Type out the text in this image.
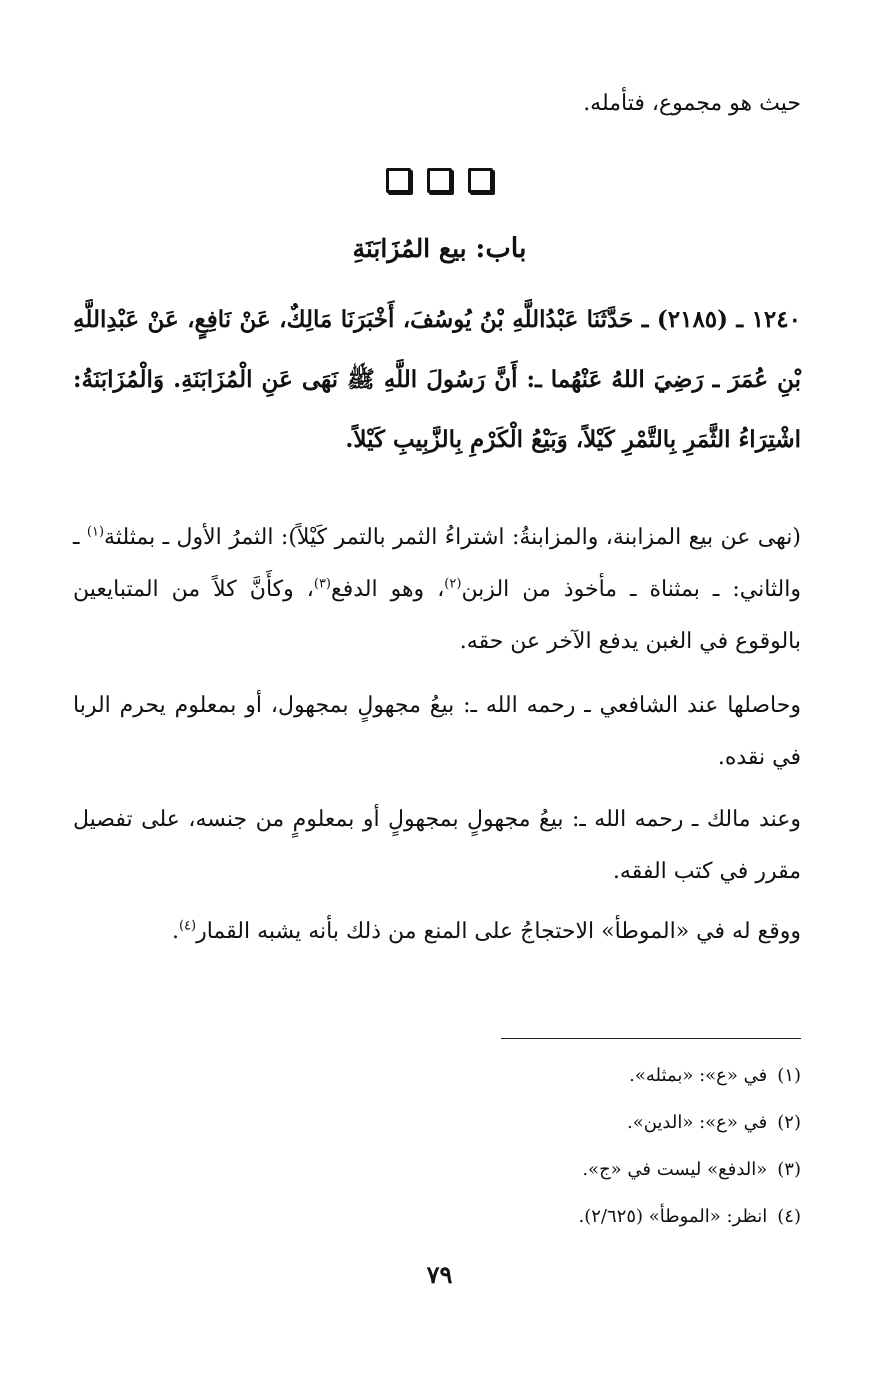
حيث هو مجموع، فتأمله.

باب: بيع المُزَابَنَةِ

١٢٤٠ ـ (٢١٨٥) ـ حَدَّثَنَا عَبْدُاللَّهِ بْنُ يُوسُفَ، أَخْبَرَنَا مَالِكٌ، عَنْ نَافِعٍ، عَنْ عَبْدِاللَّهِ بْنِ عُمَرَ ـ رَضِيَ اللهُ عَنْهُما ـ: أَنَّ رَسُولَ اللَّهِ ﷺ نَهَى عَنِ الْمُزَابَنَةِ. وَالْمُزَابَنَةُ: اشْتِرَاءُ الثَّمَرِ بِالتَّمْرِ كَيْلاً، وَبَيْعُ الْكَرْمِ بِالزَّبِيبِ كَيْلاً.

(نهى عن بيع المزابنة، والمزابنةُ: اشتراءُ الثمر بالتمر كَيْلاً): الثمرُ الأول ـ بمثلثة$^{(١)}$ ـ والثاني: ـ بمثناة ـ مأخوذ من الزبن$^{(٢)}$، وهو الدفع$^{(٣)}$، وكأَنَّ كلاً من المتبايعين بالوقوع في الغبن يدفع الآخر عن حقه.

وحاصلها عند الشافعي ـ رحمه الله ـ: بيعُ مجهولٍ بمجهول، أو بمعلوم يحرم الربا في نقده.

وعند مالك ـ رحمه الله ـ: بيعُ مجهولٍ بمجهولٍ أو بمعلومٍ من جنسه، على تفصيل مقرر في كتب الفقه.

ووقع له في «الموطأ» الاحتجاجُ على المنع من ذلك بأنه يشبه القمار$^{(٤)}$.

(١)في «ع»: «بمثله».
(٢)في «ع»: «الدين».
(٣)«الدفع» ليست في «ج».
(٤)انظر: «الموطأ» (٢/٦٢٥).
٧٩
